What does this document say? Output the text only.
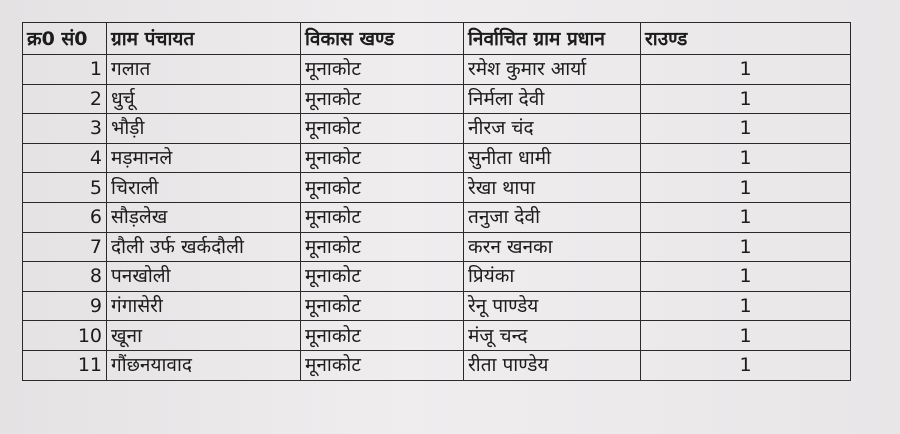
क्र0 सं0	ग्राम पंचायत	विकास खण्ड	निर्वाचित ग्राम प्रधान	राउण्ड
1	गलात	मूनाकोट	रमेश कुमार आर्या	1
2	धुर्चू	मूनाकोट	निर्मला देवी	1
3	भौड़ी	मूनाकोट	नीरज चंद	1
4	मड़मानले	मूनाकोट	सुनीता धामी	1
5	चिराली	मूनाकोट	रेखा थापा	1
6	सौड़लेख	मूनाकोट	तनुजा देवी	1
7	दौली उर्फ खर्कदौली	मूनाकोट	करन खनका	1
8	पनखोली	मूनाकोट	प्रियंका	1
9	गंगासेरी	मूनाकोट	रेनू पाण्डेय	1
10	खूना	मूनाकोट	मंजू चन्द	1
11	गौंछनयावाद	मूनाकोट	रीता पाण्डेय	1
